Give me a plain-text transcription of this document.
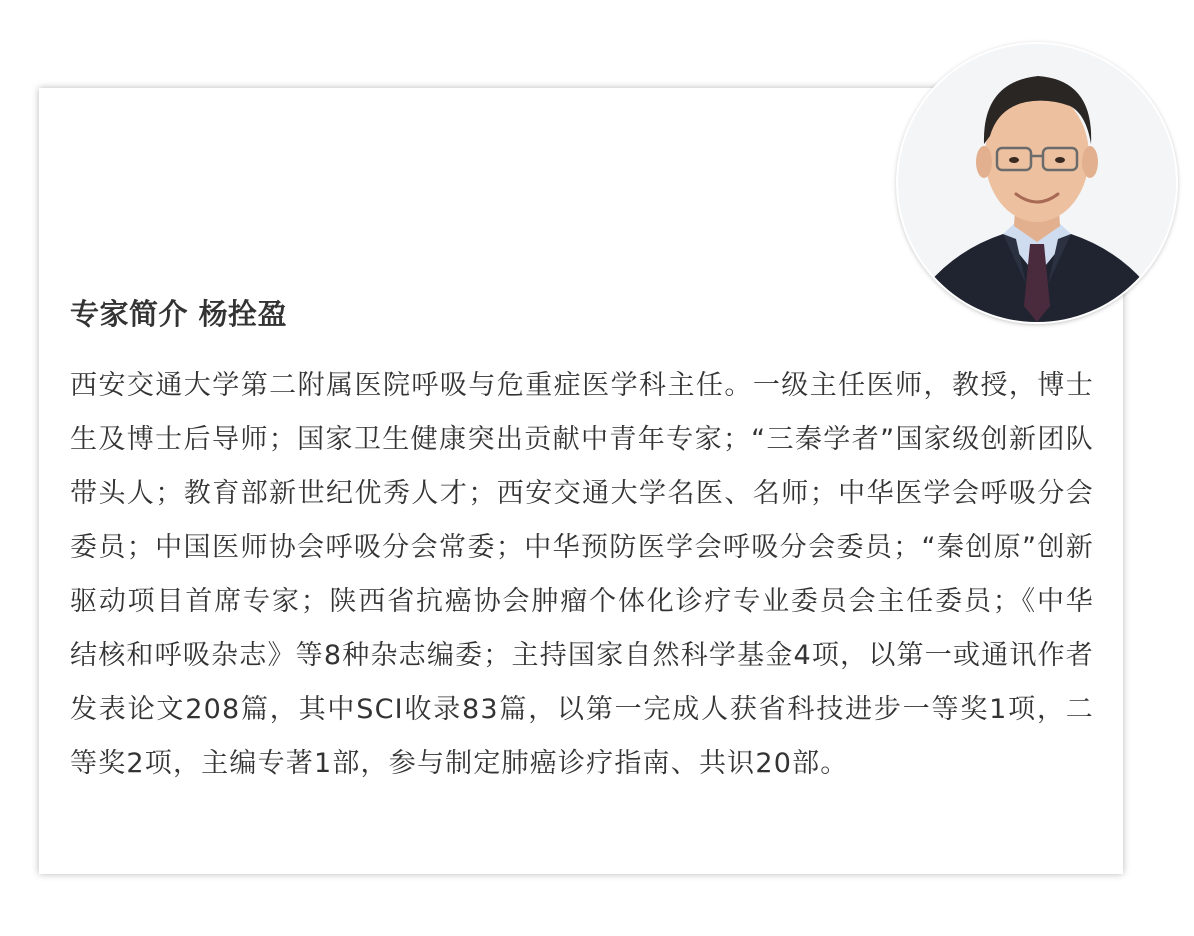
专家简介 杨拴盈

西安交通大学第二附属医院呼吸与危重症医学科主任。一级主任医师，教授，博士生及博士后导师；国家卫生健康突出贡献中青年专家；“三秦学者”国家级创新团队带头人；教育部新世纪优秀人才；西安交通大学名医、名师；中华医学会呼吸分会委员；中国医师协会呼吸分会常委；中华预防医学会呼吸分会委员；“秦创原”创新驱动项目首席专家；陕西省抗癌协会肿瘤个体化诊疗专业委员会主任委员；《中华结核和呼吸杂志》等8种杂志编委；主持国家自然科学基金4项，以第一或通讯作者发表论文208篇，其中SCI收录83篇，以第一完成人获省科技进步一等奖1项，二等奖2项，主编专著1部，参与制定肺癌诊疗指南、共识20部。
